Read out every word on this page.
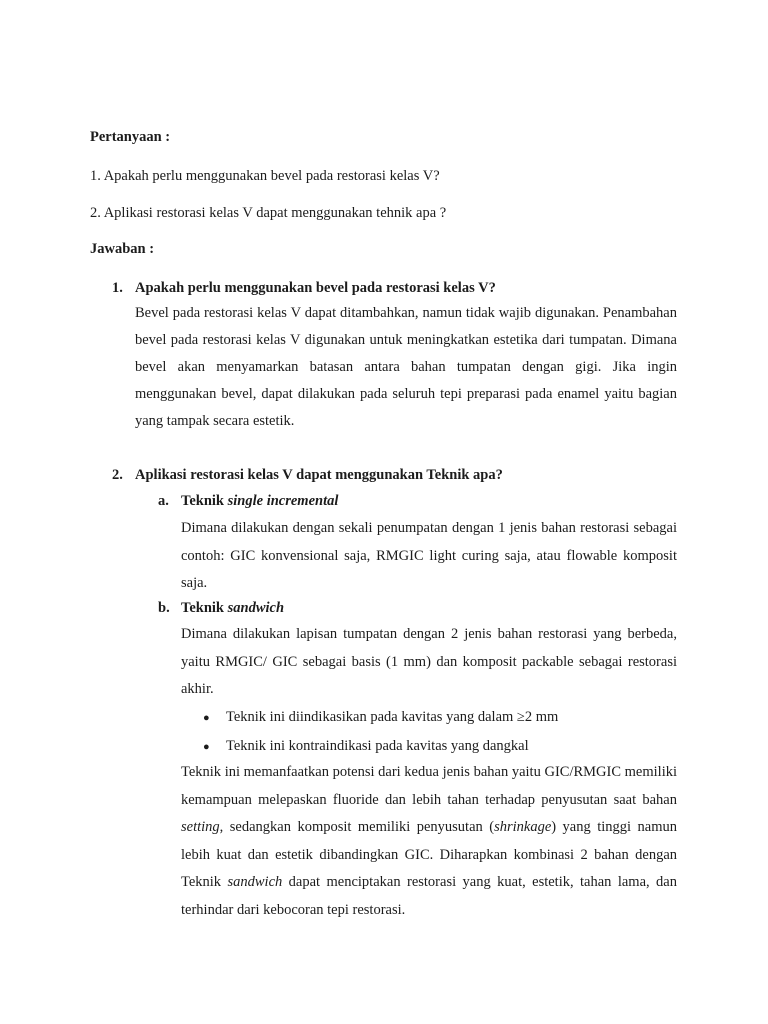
Pertanyaan :
1. Apakah perlu menggunakan bevel pada restorasi kelas V?
2. Aplikasi restorasi kelas V dapat menggunakan tehnik apa ?
Jawaban :
1. Apakah perlu menggunakan bevel pada restorasi kelas V?

Bevel pada restorasi kelas V dapat ditambahkan, namun tidak wajib digunakan. Penambahan bevel pada restorasi kelas V digunakan untuk meningkatkan estetika dari tumpatan. Dimana bevel akan menyamarkan batasan antara bahan tumpatan dengan gigi. Jika ingin menggunakan bevel, dapat dilakukan pada seluruh tepi preparasi pada enamel yaitu bagian yang tampak secara estetik.

2. Aplikasi restorasi kelas V dapat menggunakan Teknik apa?
a. Teknik single incremental

Dimana dilakukan dengan sekali penumpatan dengan 1 jenis bahan restorasi sebagai contoh: GIC konvensional saja, RMGIC light curing saja, atau flowable komposit saja.

b. Teknik sandwich

Dimana dilakukan lapisan tumpatan dengan 2 jenis bahan restorasi yang berbeda, yaitu RMGIC/ GIC sebagai basis (1 mm) dan komposit packable sebagai restorasi akhir.

● Teknik ini diindikasikan pada kavitas yang dalam ≥2 mm
● Teknik ini kontraindikasi pada kavitas yang dangkal

Teknik ini memanfaatkan potensi dari kedua jenis bahan yaitu GIC/RMGIC memiliki kemampuan melepaskan fluoride dan lebih tahan terhadap penyusutan saat bahan setting, sedangkan komposit memiliki penyusutan (shrinkage) yang tinggi namun lebih kuat dan estetik dibandingkan GIC. Diharapkan kombinasi 2 bahan dengan Teknik sandwich dapat menciptakan restorasi yang kuat, estetik, tahan lama, dan terhindar dari kebocoran tepi restorasi.
